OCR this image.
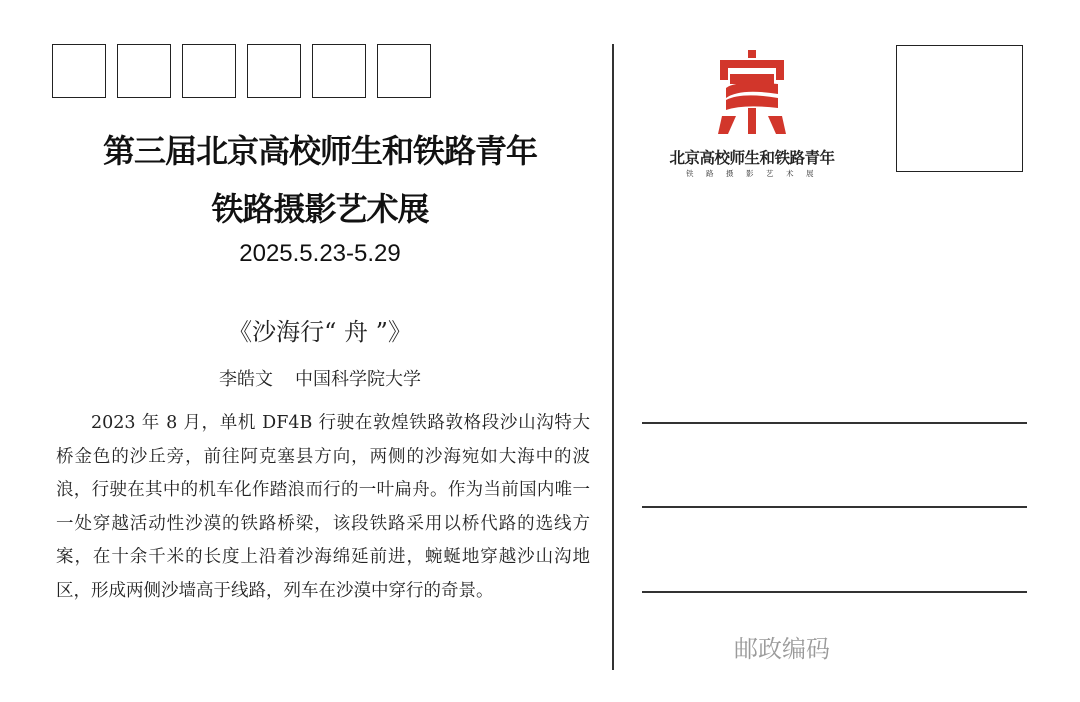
第三届北京高校师生和铁路青年
铁路摄影艺术展
2025.5.23-5.29
《沙海行“ 舟 ”》
李皓文 中国科学院大学

2023 年 8 月，单机 DF4B 行驶在敦煌铁路敦格段沙山沟特大桥金色的沙丘旁，前往阿克塞县方向，两侧的沙海宛如大海中的波浪，行驶在其中的机车化作踏浪而行的一叶扁舟。作为当前国内唯一一处穿越活动性沙漠的铁路桥梁，该段铁路采用以桥代路的选线方案，在十余千米的长度上沿着沙海绵延前进，蜿蜒地穿越沙山沟地区，形成两侧沙墙高于线路，列车在沙漠中穿行的奇景。

北京高校师生和铁路青年
铁路摄影艺术展
邮政编码
